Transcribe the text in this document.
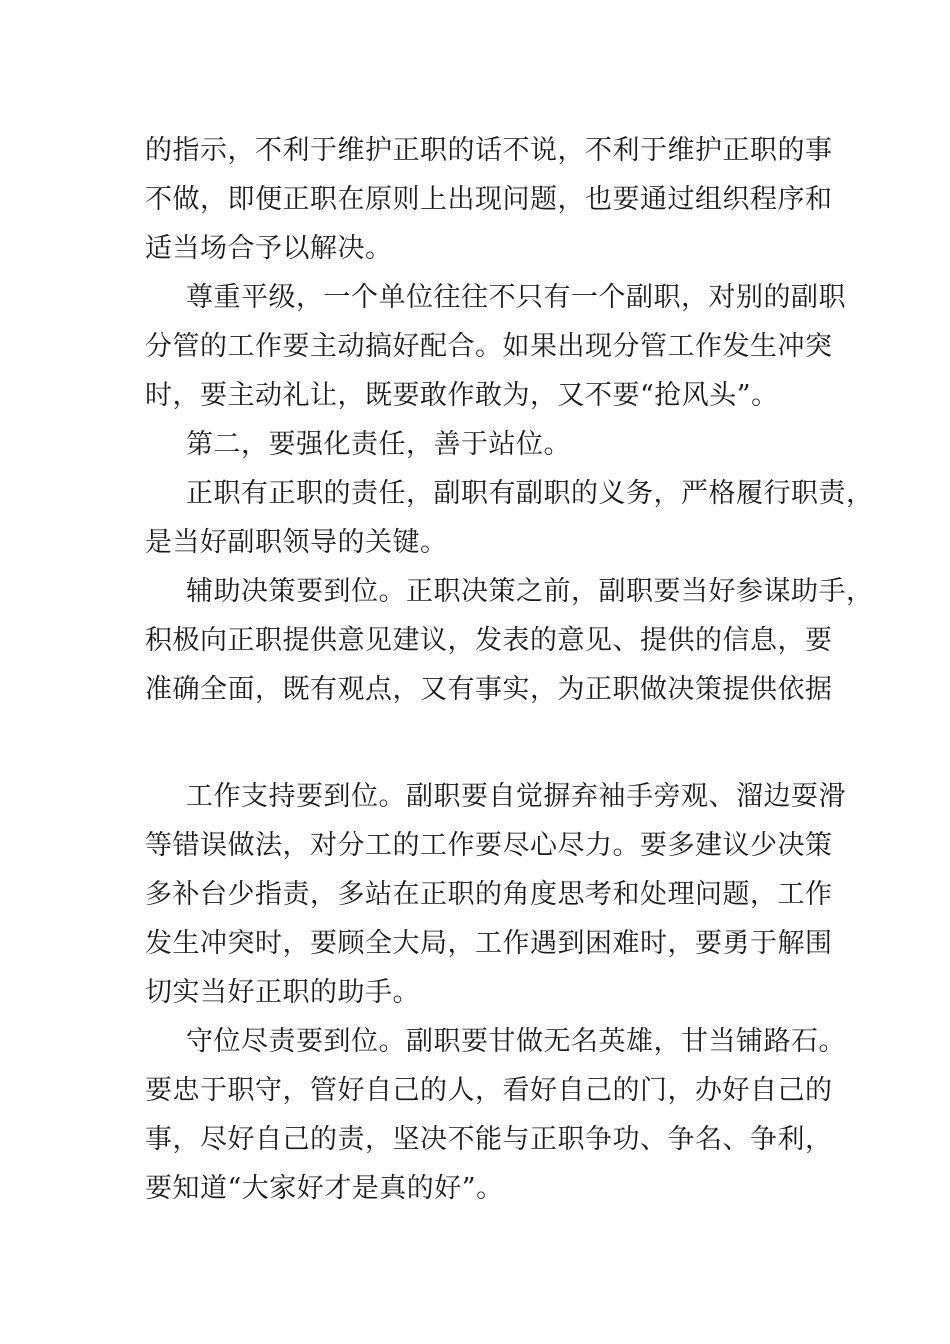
的指示，不利于维护正职的话不说，不利于维护正职的事
不做，即便正职在原则上出现问题，也要通过组织程序和
适当场合予以解决。
尊重平级，一个单位往往不只有一个副职，对别的副职
分管的工作要主动搞好配合。如果出现分管工作发生冲突
时，要主动礼让，既要敢作敢为，又不要“抢风头”。
第二，要强化责任，善于站位。
正职有正职的责任，副职有副职的义务，严格履行职责，
是当好副职领导的关键。
辅助决策要到位。正职决策之前，副职要当好参谋助手，
积极向正职提供意见建议，发表的意见、提供的信息，要
准确全面，既有观点，又有事实，为正职做决策提供依据
工作支持要到位。副职要自觉摒弃袖手旁观、溜边耍滑
等错误做法，对分工的工作要尽心尽力。要多建议少决策
多补台少指责，多站在正职的角度思考和处理问题，工作
发生冲突时，要顾全大局，工作遇到困难时，要勇于解围
切实当好正职的助手。
守位尽责要到位。副职要甘做无名英雄，甘当铺路石。
要忠于职守，管好自己的人，看好自己的门，办好自己的
事，尽好自己的责，坚决不能与正职争功、争名、争利，
要知道“大家好才是真的好”。
